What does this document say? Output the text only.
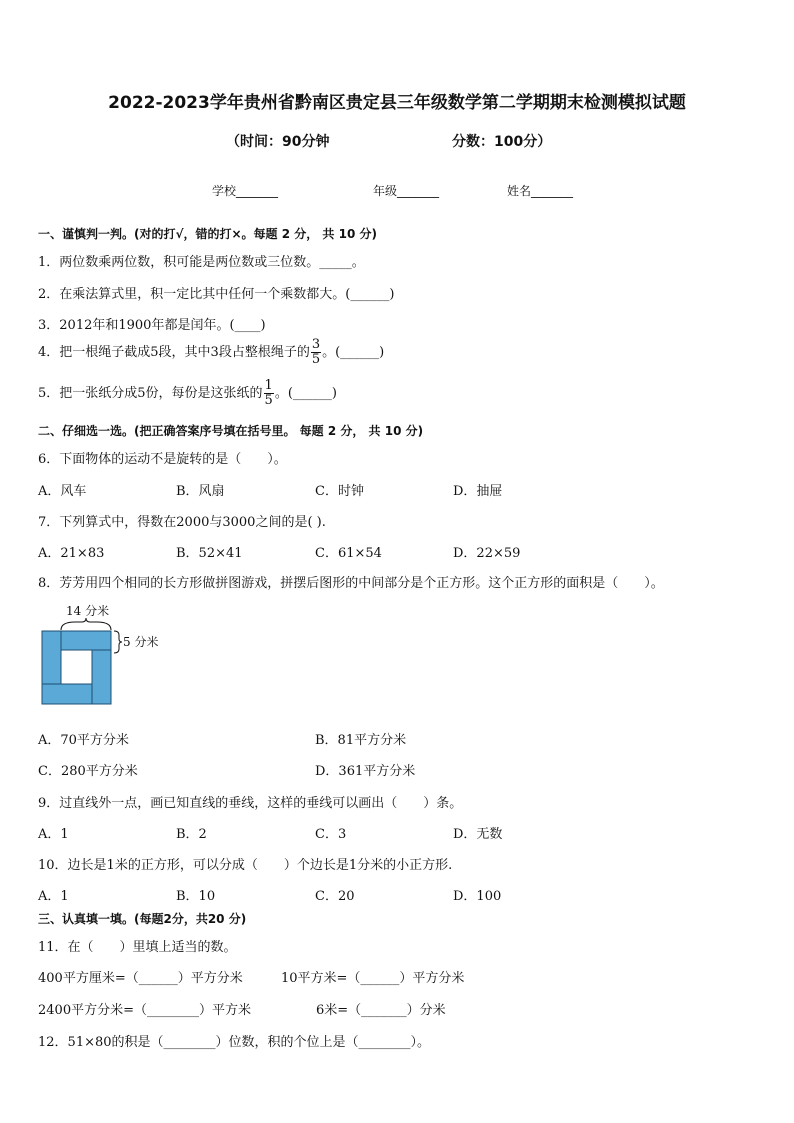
2022-2023学年贵州省黔南区贵定县三年级数学第二学期期末检测模拟试题
（时间：90分钟	分数：100分）
学校_______	年级_______	姓名_______
一、谨慎判一判。(对的打√，错的打×。每题 2 分， 共 10 分)
1．两位数乘两位数，积可能是两位数或三位数。_____。
2．在乘法算式里，积一定比其中任何一个乘数都大。(______)
3．2012年和1900年都是闰年。(____)
4．把一根绳子截成5段，其中3段占整根绳子的 $\frac{3}{5}$ 。(______)
5．把一张纸分成5份，每份是这张纸的 $\frac{1}{5}$ 。(______)
二、仔细选一选。(把正确答案序号填在括号里。 每题 2 分， 共 10 分)
6．下面物体的运动不是旋转的是（　　）。
A．风车	B．风扇	C．时钟	D．抽屉
7．下列算式中，得数在2000与3000之间的是( ).
A．21×83	B．52×41	C．61×54	D．22×59
8．芳芳用四个相同的长方形做拼图游戏，拼摆后图形的中间部分是个正方形。这个正方形的面积是（　　）。
14 分米
5 分米
A．70平方分米	B．81平方分米
C．280平方分米	D．361平方分米
9．过直线外一点，画已知直线的垂线，这样的垂线可以画出（　　）条。
A．1	B．2	C．3	D．无数
10．边长是1米的正方形，可以分成（　　）个边长是1分米的小正方形.
A．1	B．10	C．20	D．100
三、认真填一填。(每题2分，共20 分)
11．在（　　）里填上适当的数。
400平方厘米=（______）平方分米	10平方米=（______）平方分米
2400平方分米=（________）平方米	6米=（_______）分米
12．51×80的积是（________）位数，积的个位上是（________）。
